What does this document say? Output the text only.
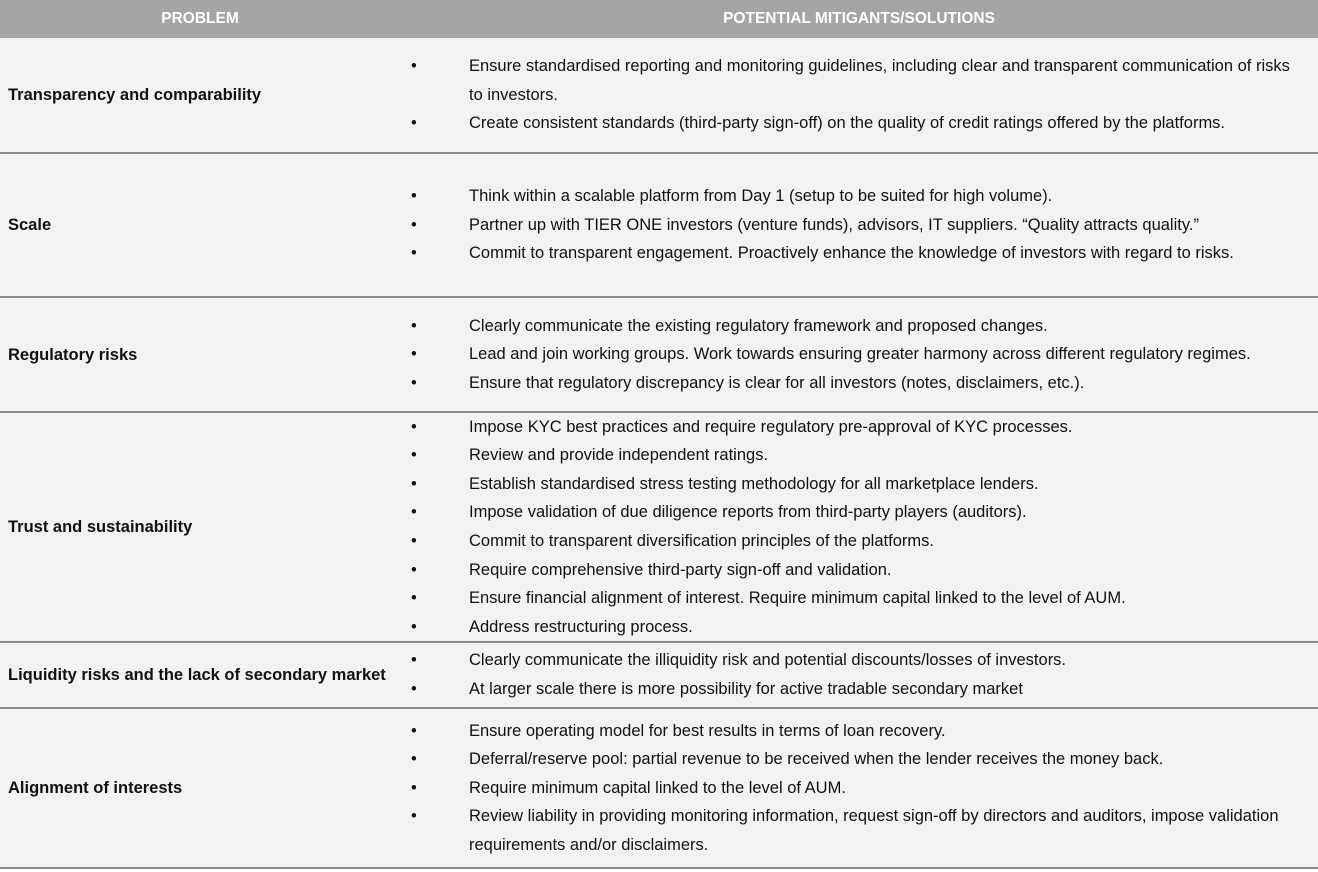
PROBLEM	POTENTIAL MITIGANTS/SOLUTIONS
Transparency and comparability
•	Ensure standardised reporting and monitoring guidelines, including clear and transparent communication of risks to investors.
•	Create consistent standards (third-party sign-off) on the quality of credit ratings offered by the platforms.
Scale
•	Think within a scalable platform from Day 1 (setup to be suited for high volume).
•	Partner up with TIER ONE investors (venture funds), advisors, IT suppliers. “Quality attracts quality.”
•	Commit to transparent engagement. Proactively enhance the knowledge of investors with regard to risks.
Regulatory risks
•	Clearly communicate the existing regulatory framework and proposed changes.
•	Lead and join working groups. Work towards ensuring greater harmony across different regulatory regimes.
•	Ensure that regulatory discrepancy is clear for all investors (notes, disclaimers, etc.).
Trust and sustainability
•	Impose KYC best practices and require regulatory pre-approval of KYC processes.
•	Review and provide independent ratings.
•	Establish standardised stress testing methodology for all marketplace lenders.
•	Impose validation of due diligence reports from third-party players (auditors).
•	Commit to transparent diversification principles of the platforms.
•	Require comprehensive third-party sign-off and validation.
•	Ensure financial alignment of interest. Require minimum capital linked to the level of AUM.
•	Address restructuring process.
Liquidity risks and the lack of secondary market
•	Clearly communicate the illiquidity risk and potential discounts/losses of investors.
•	At larger scale there is more possibility for active tradable secondary market
Alignment of interests
•	Ensure operating model for best results in terms of loan recovery.
•	Deferral/reserve pool: partial revenue to be received when the lender receives the money back.
•	Require minimum capital linked to the level of AUM.
•	Review liability in providing monitoring information, request sign-off by directors and auditors, impose validation requirements and/or disclaimers.
